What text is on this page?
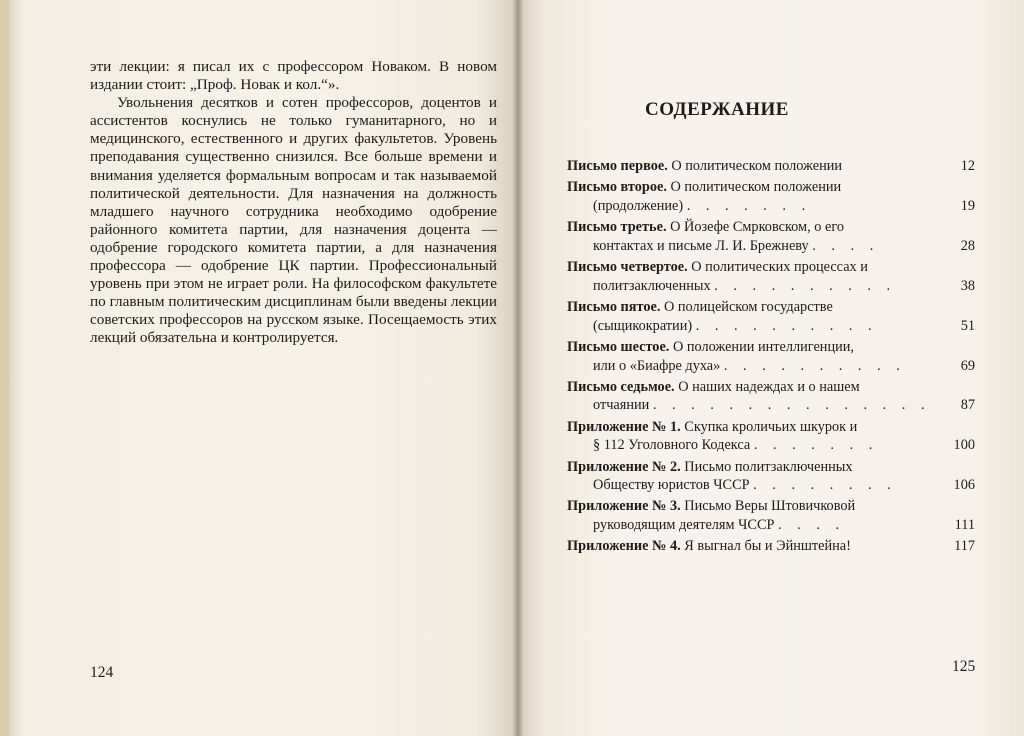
эти лекции: я писал их с профессором Новаком. В новом издании стоит: „Проф. Новак и кол.“».

Увольнения десятков и сотен профессоров, доцентов и ассистентов коснулись не только гуманитарного, но и медицинского, естественного и других факультетов. Уровень преподавания существенно снизился. Все больше времени и внимания уделяется формальным вопросам и так называемой политической деятельности. Для назначения на должность младшего научного сотрудника необходимо одобрение районного комитета партии, для назначения доцента — одобрение городского комитета партии, а для назначения профессора — одобрение ЦК партии. Профессиональный уровень при этом не играет роли. На философском факультете по главным политическим дисциплинам были введены лекции советских профессоров на русском языке. Посещаемость этих лекций обязательна и контролируется.

124
СОДЕРЖАНИЕ
Письмо первое. О политическом положении	12
Письмо второе. О политическом положении
(продолжение) . . . . . . .	19
Письмо третье. О Йозефе Смрковском, о его
контактах и письме Л. И. Брежневу . . . .	28
Письмо четвертое. О политических процессах и
политзаключенных . . . . . . . . . .	38
Письмо пятое. О полицейском государстве
(сыщикократии) . . . . . . . . . .	51
Письмо шестое. О положении интеллигенции,
или о «Биафре духа» . . . . . . . . . .	69
Письмо седьмое. О наших надеждах и о нашем
отчаянии . . . . . . . . . . . . . . .	87
Приложение № 1. Скупка кроличьих шкурок и
§ 112 Уголовного Кодекса . . . . . . .	100
Приложение № 2. Письмо политзаключенных
Обществу юристов ЧССР . . . . . . . .	106
Приложение № 3. Письмо Веры Штовичковой
руководящим деятелям ЧССР . . . .	111
Приложение № 4. Я выгнал бы и Эйнштейна!	117
125
